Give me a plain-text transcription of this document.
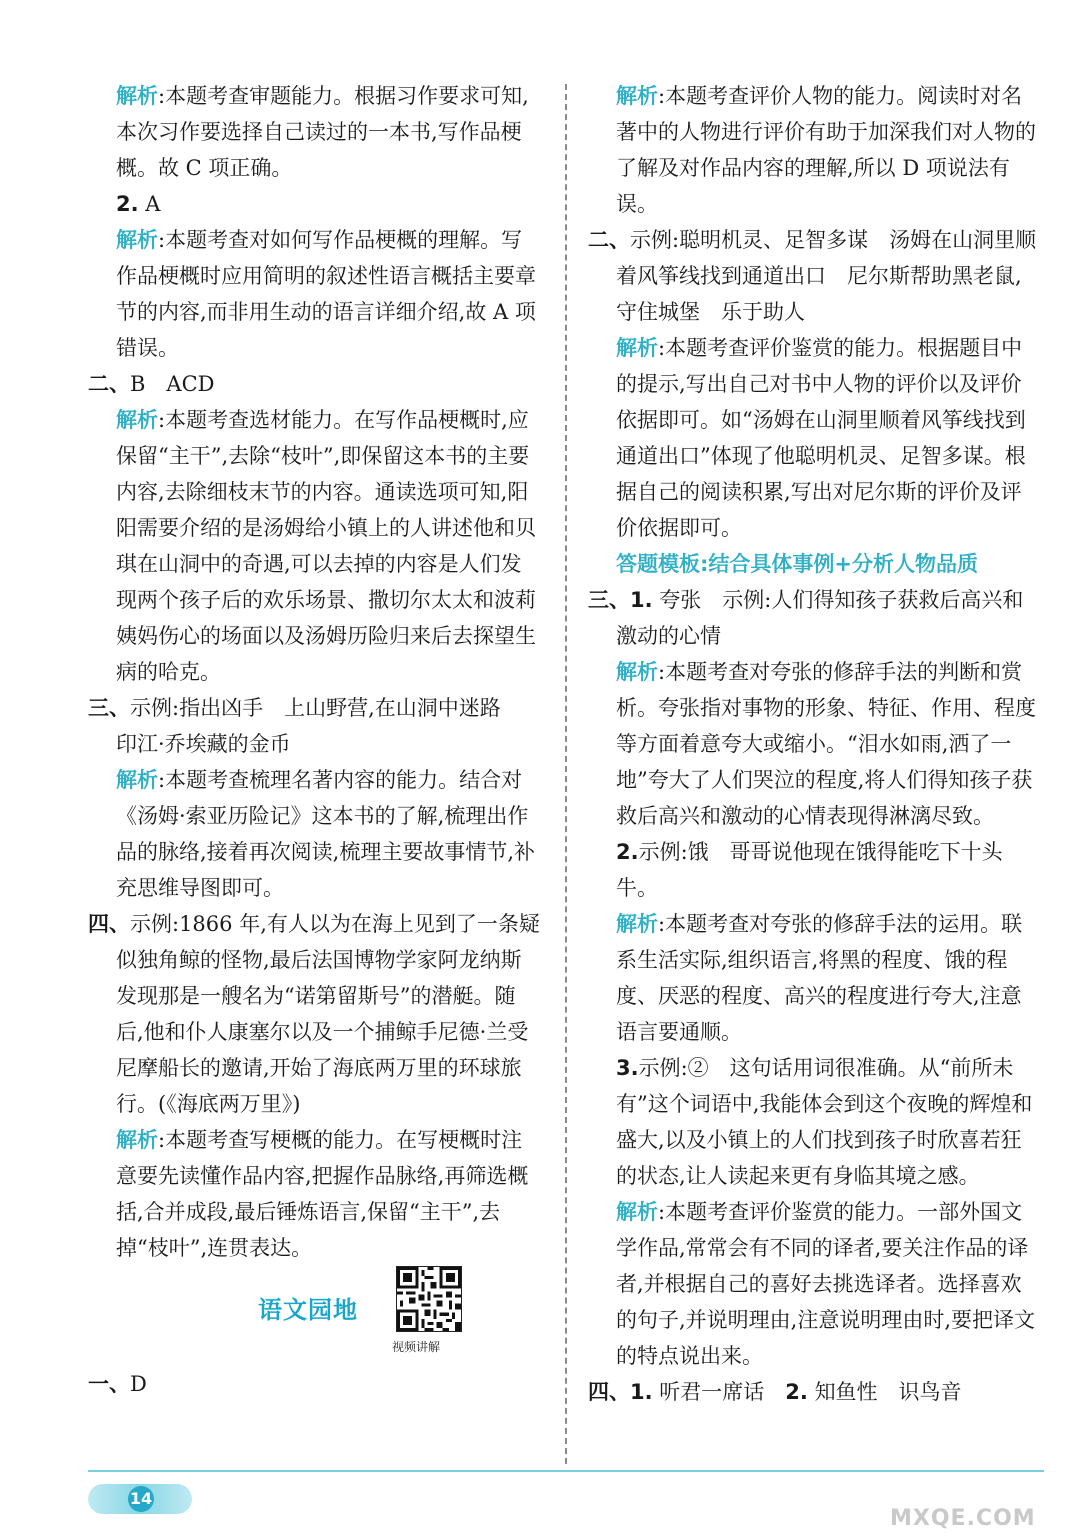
解析:本题考查审题能力。根据习作要求可知,本次习作要选择自己读过的一本书,写作品梗概。故 C 项正确。

2. A

解析:本题考查对如何写作品梗概的理解。写作品梗概时应用简明的叙述性语言概括主要章节的内容,而非用生动的语言详细介绍,故 A 项错误。

二、B　ACD

解析:本题考查选材能力。在写作品梗概时,应保留“主干”,去除“枝叶”,即保留这本书的主要内容,去除细枝末节的内容。通读选项可知,阳阳需要介绍的是汤姆给小镇上的人讲述他和贝琪在山洞中的奇遇,可以去掉的内容是人们发现两个孩子后的欢乐场景、撒切尔太太和波莉姨妈伤心的场面以及汤姆历险归来后去探望生病的哈克。

三、示例:指出凶手　上山野营,在山洞中迷路　印江·乔埃藏的金币

解析:本题考查梳理名著内容的能力。结合对《汤姆·索亚历险记》这本书的了解,梳理出作品的脉络,接着再次阅读,梳理主要故事情节,补充思维导图即可。

四、示例:1866 年,有人以为在海上见到了一条疑似独角鲸的怪物,最后法国博物学家阿龙纳斯发现那是一艘名为“诺第留斯号”的潜艇。随后,他和仆人康塞尔以及一个捕鲸手尼德·兰受尼摩船长的邀请,开始了海底两万里的环球旅行。(《海底两万里》)

解析:本题考查写梗概的能力。在写梗概时注意要先读懂作品内容,把握作品脉络,再筛选概括,合并成段,最后锤炼语言,保留“主干”,去掉“枝叶”,连贯表达。

语文园地
视频讲解

一、D

解析:本题考查评价人物的能力。阅读时对名著中的人物进行评价有助于加深我们对人物的了解及对作品内容的理解,所以 D 项说法有误。

二、示例:聪明机灵、足智多谋　汤姆在山洞里顺着风筝线找到通道出口　尼尔斯帮助黑老鼠,守住城堡　乐于助人

解析:本题考查评价鉴赏的能力。根据题目中的提示,写出自己对书中人物的评价以及评价依据即可。如“汤姆在山洞里顺着风筝线找到通道出口”体现了他聪明机灵、足智多谋。根据自己的阅读积累,写出对尼尔斯的评价及评价依据即可。

答题模板:结合具体事例+分析人物品质

三、1. 夸张　示例:人们得知孩子获救后高兴和激动的心情

解析:本题考查对夸张的修辞手法的判断和赏析。夸张指对事物的形象、特征、作用、程度等方面着意夸大或缩小。“泪水如雨,洒了一地”夸大了人们哭泣的程度,将人们得知孩子获救后高兴和激动的心情表现得淋漓尽致。

2.示例:饿　哥哥说他现在饿得能吃下十头牛。

解析:本题考查对夸张的修辞手法的运用。联系生活实际,组织语言,将黑的程度、饿的程度、厌恶的程度、高兴的程度进行夸大,注意语言要通顺。

3.示例:②　这句话用词很准确。从“前所未有”这个词语中,我能体会到这个夜晚的辉煌和盛大,以及小镇上的人们找到孩子时欣喜若狂的状态,让人读起来更有身临其境之感。

解析:本题考查评价鉴赏的能力。一部外国文学作品,常常会有不同的译者,要关注作品的译者,并根据自己的喜好去挑选译者。选择喜欢的句子,并说明理由,注意说明理由时,要把译文的特点说出来。

四、1. 听君一席话　 2. 知鱼性　识鸟音

14
MXQE.COM
